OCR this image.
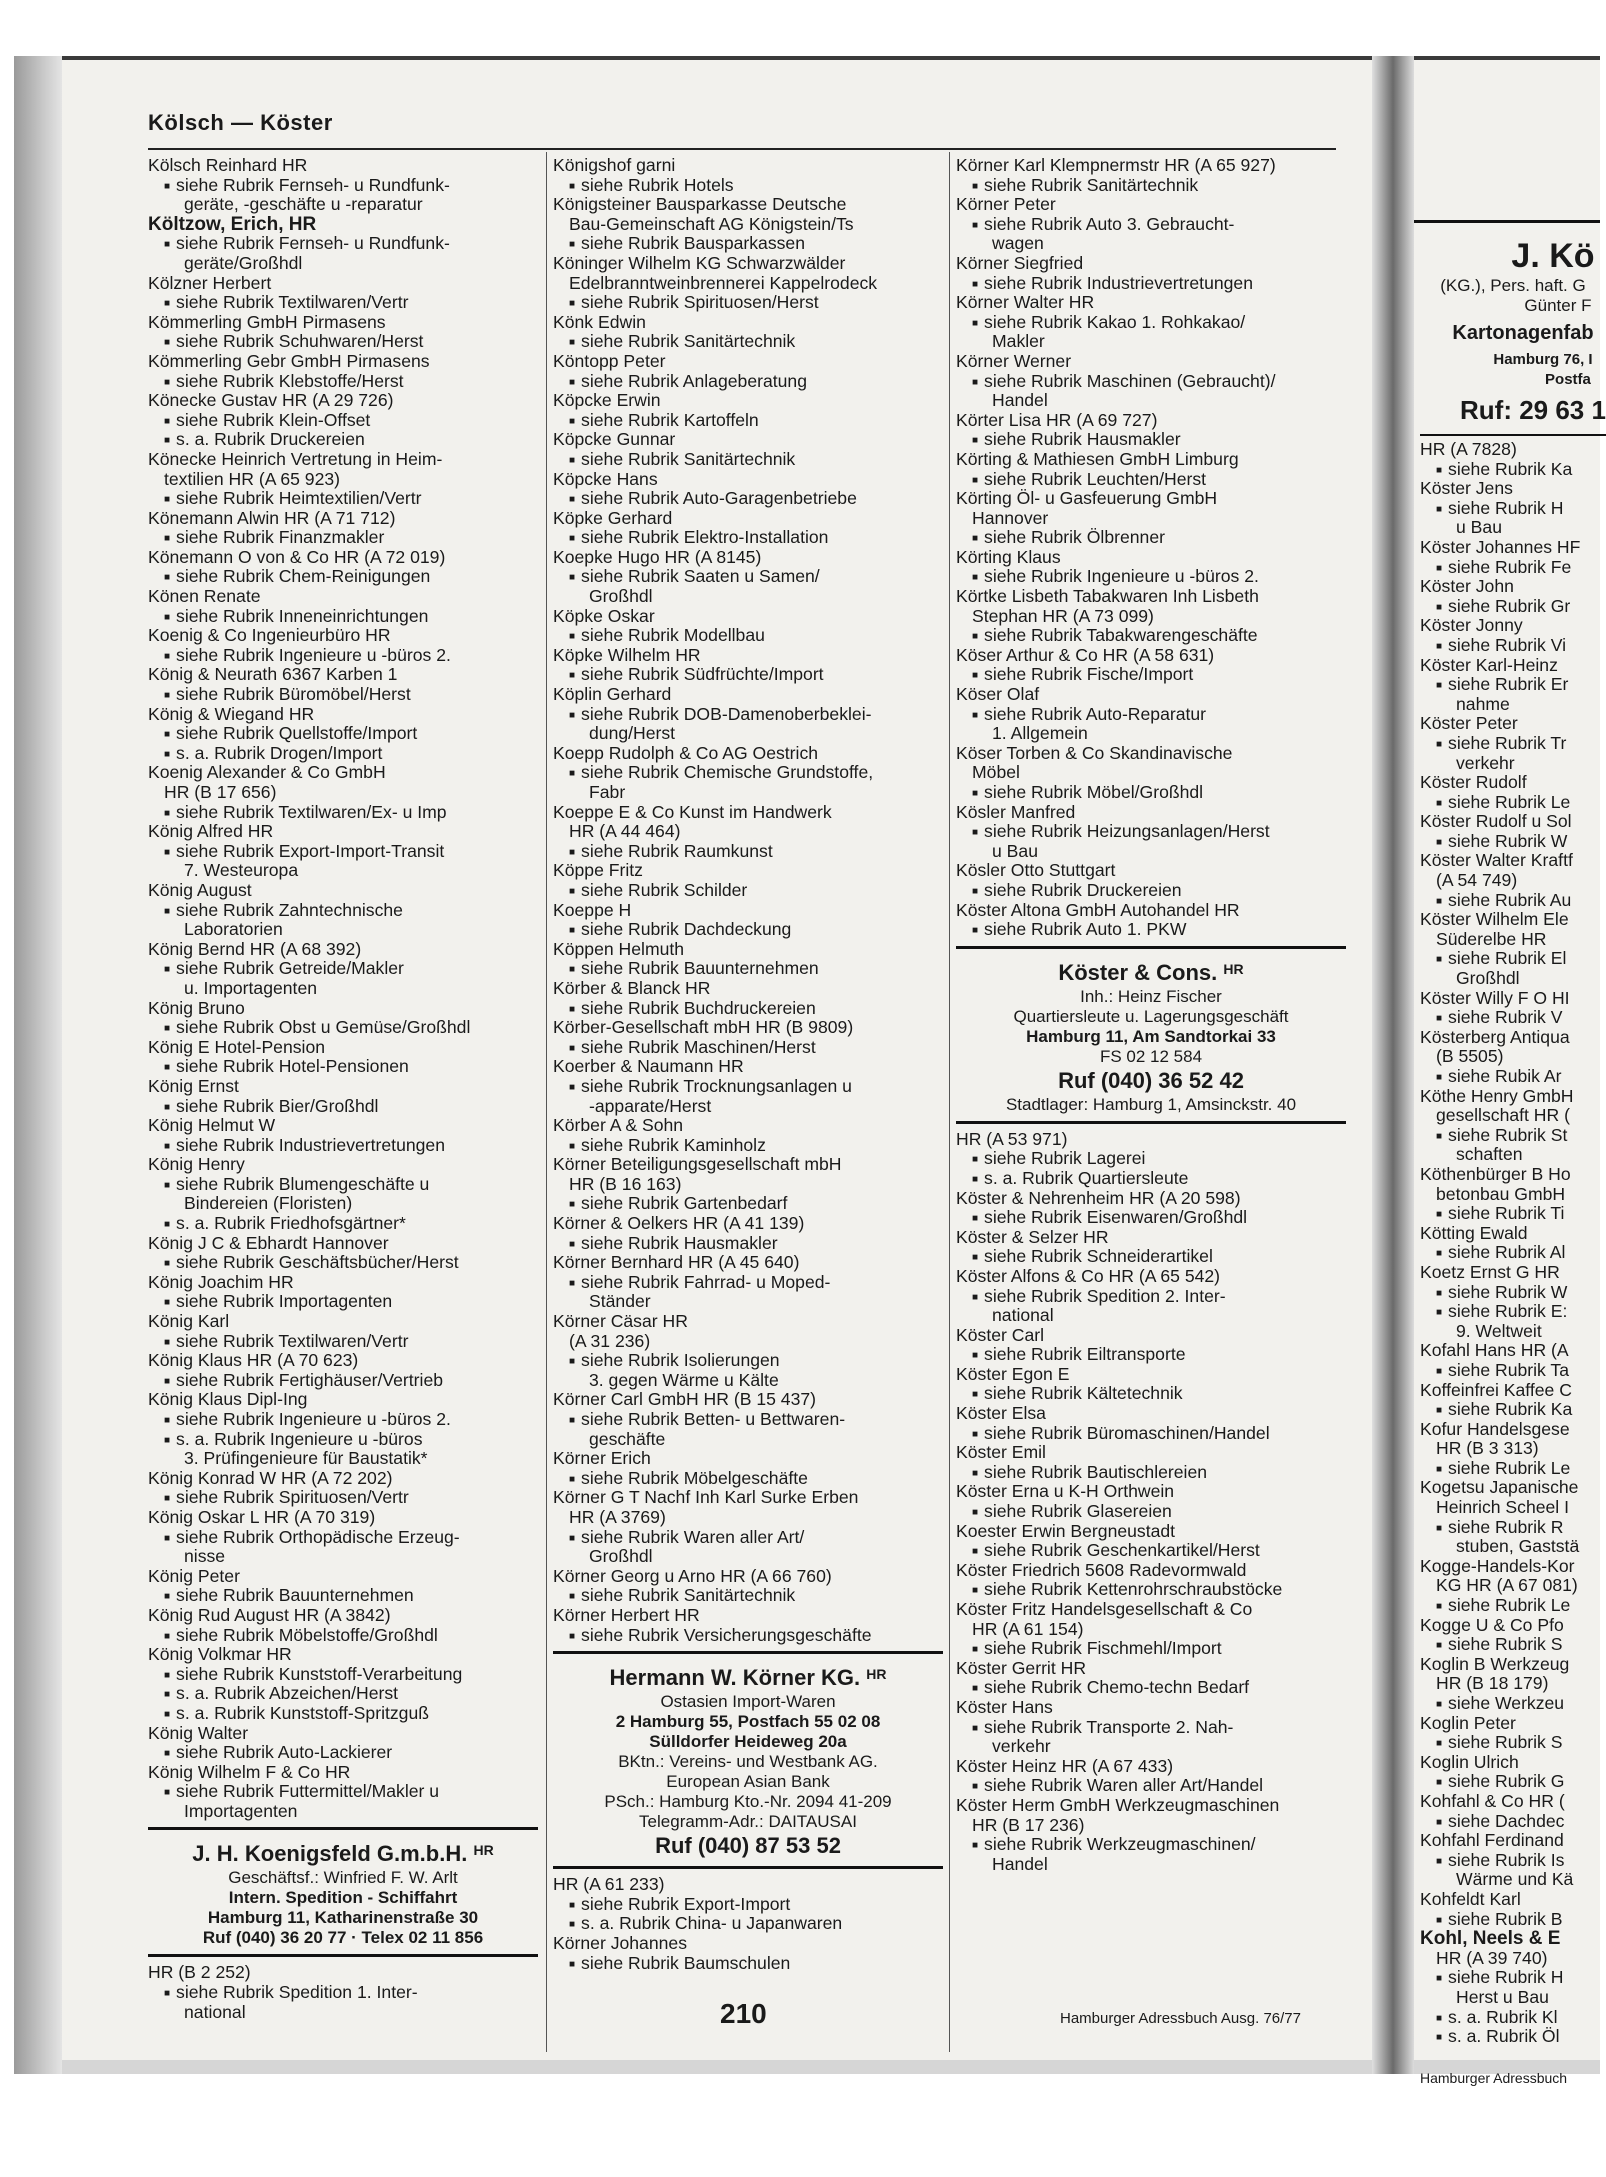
Kölsch — Köster
Kölsch Reinhard HR
■ siehe Rubrik Fernseh- u Rundfunk-
geräte, -geschäfte u -reparatur
Költzow, Erich, HR
■ siehe Rubrik Fernseh- u Rundfunk-
geräte/Großhdl
Kölzner Herbert
■ siehe Rubrik Textilwaren/Vertr
Kömmerling GmbH Pirmasens
■ siehe Rubrik Schuhwaren/Herst
Kömmerling Gebr GmbH Pirmasens
■ siehe Rubrik Klebstoffe/Herst
Könecke Gustav HR (A 29 726)
■ siehe Rubrik Klein-Offset
■ s. a. Rubrik Druckereien
Könecke Heinrich Vertretung in Heim-
textilien HR (A 65 923)
■ siehe Rubrik Heimtextilien/Vertr
Könemann Alwin HR (A 71 712)
■ siehe Rubrik Finanzmakler
Könemann O von & Co HR (A 72 019)
■ siehe Rubrik Chem-Reinigungen
Könen Renate
■ siehe Rubrik Inneneinrichtungen
Koenig & Co Ingenieurbüro HR
■ siehe Rubrik Ingenieure u -büros 2.
König & Neurath 6367 Karben 1
■ siehe Rubrik Büromöbel/Herst
König & Wiegand HR
■ siehe Rubrik Quellstoffe/Import
■ s. a. Rubrik Drogen/Import
Koenig Alexander & Co GmbH
HR (B 17 656)
■ siehe Rubrik Textilwaren/Ex- u Imp
König Alfred HR
■ siehe Rubrik Export-Import-Transit
7. Westeuropa
König August
■ siehe Rubrik Zahntechnische
Laboratorien
König Bernd HR (A 68 392)
■ siehe Rubrik Getreide/Makler
u. Importagenten
König Bruno
■ siehe Rubrik Obst u Gemüse/Großhdl
König E Hotel-Pension
■ siehe Rubrik Hotel-Pensionen
König Ernst
■ siehe Rubrik Bier/Großhdl
König Helmut W
■ siehe Rubrik Industrievertretungen
König Henry
■ siehe Rubrik Blumengeschäfte u
Bindereien (Floristen)
■ s. a. Rubrik Friedhofsgärtner*
König J C & Ebhardt Hannover
■ siehe Rubrik Geschäftsbücher/Herst
König Joachim HR
■ siehe Rubrik Importagenten
König Karl
■ siehe Rubrik Textilwaren/Vertr
König Klaus HR (A 70 623)
■ siehe Rubrik Fertighäuser/Vertrieb
König Klaus Dipl-Ing
■ siehe Rubrik Ingenieure u -büros 2.
■ s. a. Rubrik Ingenieure u -büros
3. Prüfingenieure für Baustatik*
König Konrad W HR (A 72 202)
■ siehe Rubrik Spirituosen/Vertr
König Oskar L HR (A 70 319)
■ siehe Rubrik Orthopädische Erzeug-
nisse
König Peter
■ siehe Rubrik Bauunternehmen
König Rud August HR (A 3842)
■ siehe Rubrik Möbelstoffe/Großhdl
König Volkmar HR
■ siehe Rubrik Kunststoff-Verarbeitung
■ s. a. Rubrik Abzeichen/Herst
■ s. a. Rubrik Kunststoff-Spritzguß
König Walter
■ siehe Rubrik Auto-Lackierer
König Wilhelm F & Co HR
■ siehe Rubrik Futtermittel/Makler u
Importagenten
J. H. Koenigsfeld G.m.b.H. $^{HR}$
Geschäftsf.: Winfried F. W. Arlt
Intern. Spedition - Schiffahrt
Hamburg 11, Katharinenstraße 30
Ruf (040) 36 20 77 · Telex 02 11 856
HR (B 2 252)
■ siehe Rubrik Spedition 1. Inter-
national
Königshof garni
■ siehe Rubrik Hotels
Königsteiner Bausparkasse Deutsche
Bau-Gemeinschaft AG Königstein/Ts
■ siehe Rubrik Bausparkassen
Köninger Wilhelm KG Schwarzwälder
Edelbranntweinbrennerei Kappelrodeck
■ siehe Rubrik Spirituosen/Herst
Könk Edwin
■ siehe Rubrik Sanitärtechnik
Köntopp Peter
■ siehe Rubrik Anlageberatung
Köpcke Erwin
■ siehe Rubrik Kartoffeln
Köpcke Gunnar
■ siehe Rubrik Sanitärtechnik
Köpcke Hans
■ siehe Rubrik Auto-Garagenbetriebe
Köpke Gerhard
■ siehe Rubrik Elektro-Installation
Koepke Hugo HR (A 8145)
■ siehe Rubrik Saaten u Samen/
Großhdl
Köpke Oskar
■ siehe Rubrik Modellbau
Köpke Wilhelm HR
■ siehe Rubrik Südfrüchte/Import
Köplin Gerhard
■ siehe Rubrik DOB-Damenoberbeklei-
dung/Herst
Koepp Rudolph & Co AG Oestrich
■ siehe Rubrik Chemische Grundstoffe,
Fabr
Koeppe E & Co Kunst im Handwerk
HR (A 44 464)
■ siehe Rubrik Raumkunst
Köppe Fritz
■ siehe Rubrik Schilder
Koeppe H
■ siehe Rubrik Dachdeckung
Köppen Helmuth
■ siehe Rubrik Bauunternehmen
Körber & Blanck HR
■ siehe Rubrik Buchdruckereien
Körber-Gesellschaft mbH HR (B 9809)
■ siehe Rubrik Maschinen/Herst
Koerber & Naumann HR
■ siehe Rubrik Trocknungsanlagen u
-apparate/Herst
Körber A & Sohn
■ siehe Rubrik Kaminholz
Körner Beteiligungsgesellschaft mbH
HR (B 16 163)
■ siehe Rubrik Gartenbedarf
Körner & Oelkers HR (A 41 139)
■ siehe Rubrik Hausmakler
Körner Bernhard HR (A 45 640)
■ siehe Rubrik Fahrrad- u Moped-
Ständer
Körner Cäsar HR
(A 31 236)
■ siehe Rubrik Isolierungen
3. gegen Wärme u Kälte
Körner Carl GmbH HR (B 15 437)
■ siehe Rubrik Betten- u Bettwaren-
geschäfte
Körner Erich
■ siehe Rubrik Möbelgeschäfte
Körner G T Nachf Inh Karl Surke Erben
HR (A 3769)
■ siehe Rubrik Waren aller Art/
Großhdl
Körner Georg u Arno HR (A 66 760)
■ siehe Rubrik Sanitärtechnik
Körner Herbert HR
■ siehe Rubrik Versicherungsgeschäfte
Hermann W. Körner KG. $^{HR}$
Ostasien Import-Waren
2 Hamburg 55, Postfach 55 02 08
Sülldorfer Heideweg 20a
BKtn.: Vereins- und Westbank AG.
European Asian Bank
PSch.: Hamburg Kto.-Nr. 2094 41-209
Telegramm-Adr.: DAITAUSAI
Ruf (040) 87 53 52
HR (A 61 233)
■ siehe Rubrik Export-Import
■ s. a. Rubrik China- u Japanwaren
Körner Johannes
■ siehe Rubrik Baumschulen
Körner Karl Klempnermstr HR (A 65 927)
■ siehe Rubrik Sanitärtechnik
Körner Peter
■ siehe Rubrik Auto 3. Gebraucht-
wagen
Körner Siegfried
■ siehe Rubrik Industrievertretungen
Körner Walter HR
■ siehe Rubrik Kakao 1. Rohkakao/
Makler
Körner Werner
■ siehe Rubrik Maschinen (Gebraucht)/
Handel
Körter Lisa HR (A 69 727)
■ siehe Rubrik Hausmakler
Körting & Mathiesen GmbH Limburg
■ siehe Rubrik Leuchten/Herst
Körting Öl- u Gasfeuerung GmbH
Hannover
■ siehe Rubrik Ölbrenner
Körting Klaus
■ siehe Rubrik Ingenieure u -büros 2.
Körtke Lisbeth Tabakwaren Inh Lisbeth
Stephan HR (A 73 099)
■ siehe Rubrik Tabakwarengeschäfte
Köser Arthur & Co HR (A 58 631)
■ siehe Rubrik Fische/Import
Köser Olaf
■ siehe Rubrik Auto-Reparatur
1. Allgemein
Köser Torben & Co Skandinavische
Möbel
■ siehe Rubrik Möbel/Großhdl
Kösler Manfred
■ siehe Rubrik Heizungsanlagen/Herst
u Bau
Kösler Otto Stuttgart
■ siehe Rubrik Druckereien
Köster Altona GmbH Autohandel HR
■ siehe Rubrik Auto 1. PKW
Köster & Cons. $^{HR}$
Inh.: Heinz Fischer
Quartiersleute u. Lagerungsgeschäft
Hamburg 11, Am Sandtorkai 33
FS 02 12 584
Ruf (040) 36 52 42
Stadtlager: Hamburg 1, Amsinckstr. 40
HR (A 53 971)
■ siehe Rubrik Lagerei
■ s. a. Rubrik Quartiersleute
Köster & Nehrenheim HR (A 20 598)
■ siehe Rubrik Eisenwaren/Großhdl
Köster & Selzer HR
■ siehe Rubrik Schneiderartikel
Köster Alfons & Co HR (A 65 542)
■ siehe Rubrik Spedition 2. Inter-
national
Köster Carl
■ siehe Rubrik Eiltransporte
Köster Egon E
■ siehe Rubrik Kältetechnik
Köster Elsa
■ siehe Rubrik Büromaschinen/Handel
Köster Emil
■ siehe Rubrik Bautischlereien
Köster Erna u K-H Orthwein
■ siehe Rubrik Glasereien
Koester Erwin Bergneustadt
■ siehe Rubrik Geschenkartikel/Herst
Köster Friedrich 5608 Radevormwald
■ siehe Rubrik Kettenrohrschraubstöcke
Köster Fritz Handelsgesellschaft & Co
HR (A 61 154)
■ siehe Rubrik Fischmehl/Import
Köster Gerrit HR
■ siehe Rubrik Chemo-techn Bedarf
Köster Hans
■ siehe Rubrik Transporte 2. Nah-
verkehr
Köster Heinz HR (A 67 433)
■ siehe Rubrik Waren aller Art/Handel
Köster Herm GmbH Werkzeugmaschinen
HR (B 17 236)
■ siehe Rubrik Werkzeugmaschinen/
Handel
210	Hamburger Adressbuch Ausg. 76/77
J. Kö
(KG.), Pers. haft. G
Günter F
Kartonagenfab
Hamburg 76, I
Postfa
Ruf: 29 63 1
HR (A 7828)
■ siehe Rubrik Ka
Köster Jens
■ siehe Rubrik H
u Bau
Köster Johannes HF
■ siehe Rubrik Fe
Köster John
■ siehe Rubrik Gr
Köster Jonny
■ siehe Rubrik Vi
Köster Karl-Heinz
■ siehe Rubrik Er
nahme
Köster Peter
■ siehe Rubrik Tr
verkehr
Köster Rudolf
■ siehe Rubrik Le
Köster Rudolf u Sol
■ siehe Rubrik W
Köster Walter Kraftf
(A 54 749)
■ siehe Rubrik Au
Köster Wilhelm Ele
Süderelbe HR
■ siehe Rubrik El
Großhdl
Köster Willy F O HI
■ siehe Rubrik V
Kösterberg Antiqua
(B 5505)
■ siehe Rubik Ar
Köthe Henry GmbH
gesellschaft HR (
■ siehe Rubrik St
schaften
Köthenbürger B Ho
betonbau GmbH
■ siehe Rubrik Ti
Kötting Ewald
■ siehe Rubrik Al
Koetz Ernst G HR
■ siehe Rubrik W
■ siehe Rubrik E:
9. Weltweit
Kofahl Hans HR (A
■ siehe Rubrik Ta
Koffeinfrei Kaffee C
■ siehe Rubrik Ka
Kofur Handelsgese
HR (B 3 313)
■ siehe Rubrik Le
Kogetsu Japanische
Heinrich Scheel I
■ siehe Rubrik R
stuben, Gaststä
Kogge-Handels-Kor
KG HR (A 67 081)
■ siehe Rubrik Le
Kogge U & Co Pfo
■ siehe Rubrik S
Koglin B Werkzeug
HR (B 18 179)
■ siehe Werkzeu
Koglin Peter
■ siehe Rubrik S
Koglin Ulrich
■ siehe Rubrik G
Kohfahl & Co HR (
■ siehe Dachdec
Kohfahl Ferdinand
■ siehe Rubrik Is
Wärme und Kä
Kohfeldt Karl
■ siehe Rubrik B
Kohl, Neels & E
HR (A 39 740)
■ siehe Rubrik H
Herst u Bau
■ s. a. Rubrik Kl
■ s. a. Rubrik Öl
Hamburger Adressbuch
